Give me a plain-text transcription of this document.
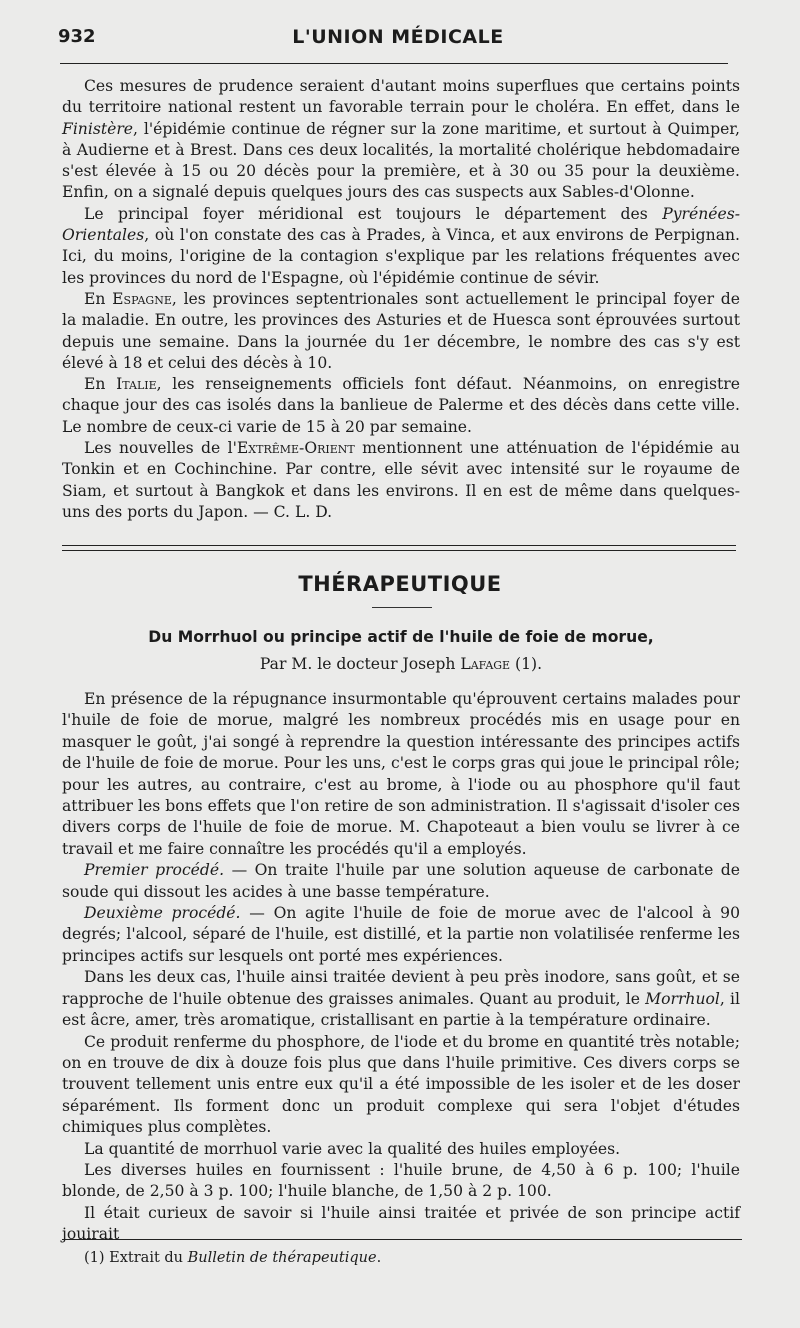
932	L'UNION MÉDICALE

Ces mesures de prudence seraient d'autant moins superflues que certains points du territoire national restent un favorable terrain pour le choléra. En effet, dans le Finistère, l'épidémie continue de régner sur la zone maritime, et surtout à Quimper, à Audierne et à Brest. Dans ces deux localités, la mortalité cholérique hebdomadaire s'est élevée à 15 ou 20 décès pour la première, et à 30 ou 35 pour la deuxième. Enfin, on a signalé depuis quelques jours des cas suspects aux Sables-d'Olonne.

Le principal foyer méridional est toujours le département des Pyrénées-Orientales, où l'on constate des cas à Prades, à Vinca, et aux environs de Perpignan. Ici, du moins, l'origine de la contagion s'explique par les relations fréquentes avec les provinces du nord de l'Espagne, où l'épidémie continue de sévir.

En Espagne, les provinces septentrionales sont actuellement le principal foyer de la maladie. En outre, les provinces des Asturies et de Huesca sont éprouvées surtout depuis une semaine. Dans la journée du 1er décembre, le nombre des cas s'y est élevé à 18 et celui des décès à 10.

En Italie, les renseignements officiels font défaut. Néanmoins, on enregistre chaque jour des cas isolés dans la banlieue de Palerme et des décès dans cette ville. Le nombre de ceux-ci varie de 15 à 20 par semaine.

Les nouvelles de l'Extrême-Orient mentionnent une atténuation de l'épidémie au Tonkin et en Cochinchine. Par contre, elle sévit avec intensité sur le royaume de Siam, et surtout à Bangkok et dans les environs. Il en est de même dans quelques-uns des ports du Japon. — C. L. D.

THÉRAPEUTIQUE
Du Morrhuol ou principe actif de l'huile de foie de morue,
Par M. le docteur Joseph Lafage (1).

En présence de la répugnance insurmontable qu'éprouvent certains malades pour l'huile de foie de morue, malgré les nombreux procédés mis en usage pour en masquer le goût, j'ai songé à reprendre la question intéressante des principes actifs de l'huile de foie de morue. Pour les uns, c'est le corps gras qui joue le principal rôle; pour les autres, au contraire, c'est au brome, à l'iode ou au phosphore qu'il faut attribuer les bons effets que l'on retire de son administration. Il s'agissait d'isoler ces divers corps de l'huile de foie de morue. M. Chapoteaut a bien voulu se livrer à ce travail et me faire connaître les procédés qu'il a employés.

Premier procédé. — On traite l'huile par une solution aqueuse de carbonate de soude qui dissout les acides à une basse température.

Deuxième procédé. — On agite l'huile de foie de morue avec de l'alcool à 90 degrés; l'alcool, séparé de l'huile, est distillé, et la partie non volatilisée renferme les principes actifs sur lesquels ont porté mes expériences.

Dans les deux cas, l'huile ainsi traitée devient à peu près inodore, sans goût, et se rapproche de l'huile obtenue des graisses animales. Quant au produit, le Morrhuol, il est âcre, amer, très aromatique, cristallisant en partie à la température ordinaire.

Ce produit renferme du phosphore, de l'iode et du brome en quantité très notable; on en trouve de dix à douze fois plus que dans l'huile primitive. Ces divers corps se trouvent tellement unis entre eux qu'il a été impossible de les isoler et de les doser séparément. Ils forment donc un produit complexe qui sera l'objet d'études chimiques plus complètes.

La quantité de morrhuol varie avec la qualité des huiles employées.

Les diverses huiles en fournissent : l'huile brune, de 4,50 à 6 p. 100; l'huile blonde, de 2,50 à 3 p. 100; l'huile blanche, de 1,50 à 2 p. 100.

Il était curieux de savoir si l'huile ainsi traitée et privée de son principe actif jouirait

(1) Extrait du Bulletin de thérapeutique.
